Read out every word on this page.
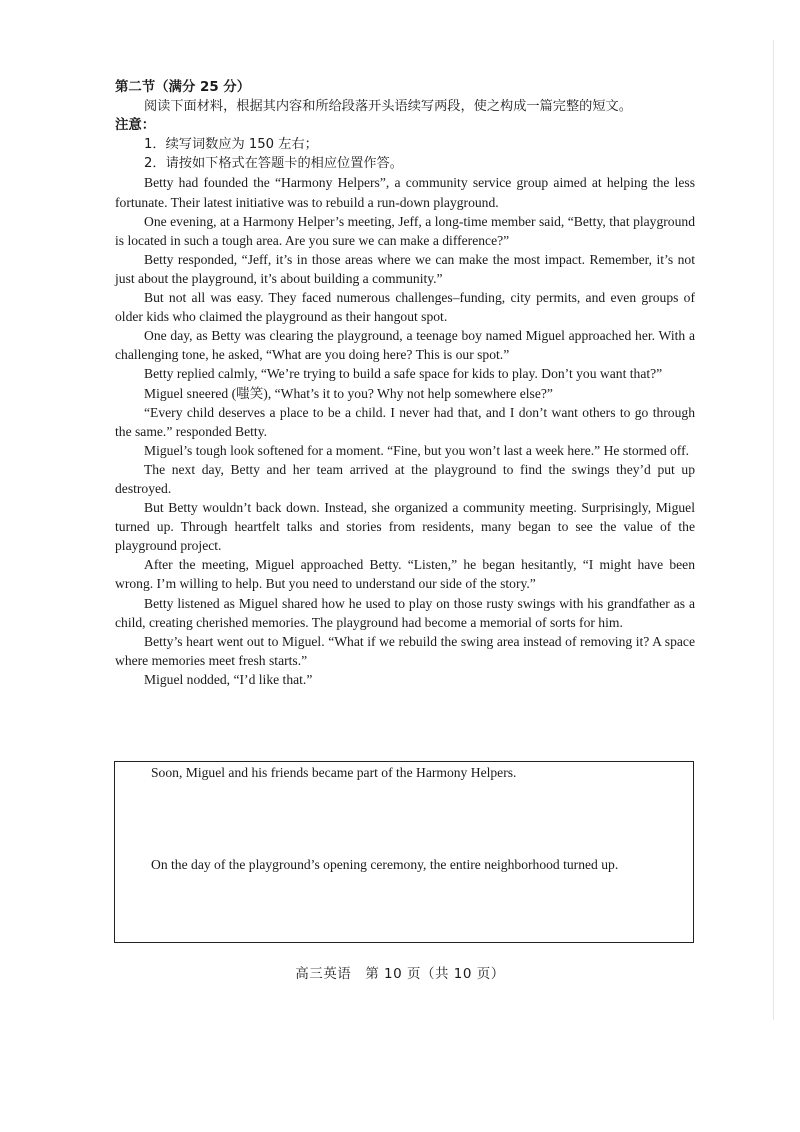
第二节（满分 25 分）

阅读下面材料，根据其内容和所给段落开头语续写两段，使之构成一篇完整的短文。

注意：

1．续写词数应为 150 左右；

2．请按如下格式在答题卡的相应位置作答。

Betty had founded the “Harmony Helpers”, a community service group aimed at helping the less fortunate. Their latest initiative was to rebuild a run-down playground.

One evening, at a Harmony Helper’s meeting, Jeff, a long-time member said, “Betty, that playground is located in such a tough area. Are you sure we can make a difference?”

Betty responded, “Jeff, it’s in those areas where we can make the most impact. Remember, it’s not just about the playground, it’s about building a community.”

But not all was easy. They faced numerous challenges–funding, city permits, and even groups of older kids who claimed the playground as their hangout spot.

One day, as Betty was clearing the playground, a teenage boy named Miguel approached her. With a challenging tone, he asked, “What are you doing here? This is our spot.”

Betty replied calmly, “We’re trying to build a safe space for kids to play. Don’t you want that?”

Miguel sneered (嗤笑), “What’s it to you? Why not help somewhere else?”

“Every child deserves a place to be a child. I never had that, and I don’t want others to go through the same.” responded Betty.

Miguel’s tough look softened for a moment. “Fine, but you won’t last a week here.” He stormed off.

The next day, Betty and her team arrived at the playground to find the swings they’d put up destroyed.

But Betty wouldn’t back down. Instead, she organized a community meeting. Surprisingly, Miguel turned up. Through heartfelt talks and stories from residents, many began to see the value of the playground project.

After the meeting, Miguel approached Betty. “Listen,” he began hesitantly, “I might have been wrong. I’m willing to help. But you need to understand our side of the story.”

Betty listened as Miguel shared how he used to play on those rusty swings with his grandfather as a child, creating cherished memories. The playground had become a memorial of sorts for him.

Betty’s heart went out to Miguel. “What if we rebuild the swing area instead of removing it? A space where memories meet fresh starts.”

Miguel nodded, “I’d like that.”

Soon, Miguel and his friends became part of the Harmony Helpers.

On the day of the playground’s opening ceremony, the entire neighborhood turned up.

高三英语　第 10 页（共 10 页）
